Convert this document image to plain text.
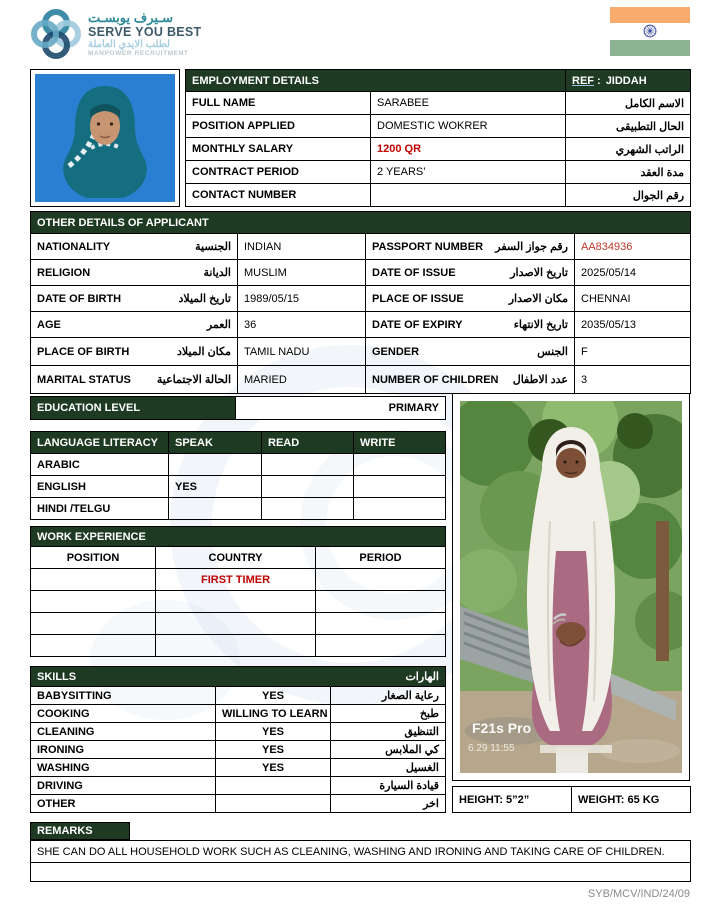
سـيرف يوبسـت
SERVE YOU BEST
لطلب الايدي العاملة
MANPOWER RECRUITMENT
EMPLOYMENT DETAILS		REF : JIDDAH
FULL NAME	SARABEE	الاسم الكامل
POSITION APPLIED	DOMESTIC WOKRER	الحال التطبيقى
MONTHLY SALARY	1200 QR	الراتب الشهري
CONTRACT PERIOD	2 YEARS’	مدة العقد
CONTACT NUMBER		رقم الجوال
OTHER DETAILS OF APPLICANT			

NATIONALITY الجنسية	INDIAN	PASSPORT NUMBER رقم جواز السفر	AA834936

RELIGION الديانة	MUSLIM	DATE OF ISSUE تاريخ الاصدار	2025/05/14

DATE OF BIRTH تاريخ الميلاد	1989/05/15	PLACE OF ISSUE مكان الاصدار	CHENNAI

AGE العمر	36	DATE OF EXPIRY تاريخ الانتهاء	2035/05/13

PLACE OF BIRTH مكان الميلاد	TAMIL NADU	GENDER الجنس	F

MARITAL STATUS الحالة الاجتماعية	MARIED	NUMBER OF CHILDREN عدد الاطفال	3
EDUCATION LEVEL	PRIMARY
LANGUAGE LITERACY	SPEAK	READ	WRITE
ARABIC			
ENGLISH	YES		
HINDI /TELGU			
WORK EXPERIENCE		
POSITION	COUNTRY	PERIOD
	FIRST TIMER	

SKILLS الهارات		

BABYSITTING	YES	رعاية الصغار
COOKING	WILLING TO LEARN	طبخ
CLEANING	YES	التنظيق
IRONING	YES	كي الملابس
WASHING	YES	الغسيل
DRIVING		قيادة السيارة
OTHER		اخر
F21s Pro
6.29 11:55
HEIGHT: 5”2”	WEIGHT: 65 KG
REMARKS
SHE CAN DO ALL HOUSEHOLD WORK SUCH AS CLEANING, WASHING AND IRONING AND TAKING CARE OF CHILDREN.

SYB/MCV/IND/24/09
